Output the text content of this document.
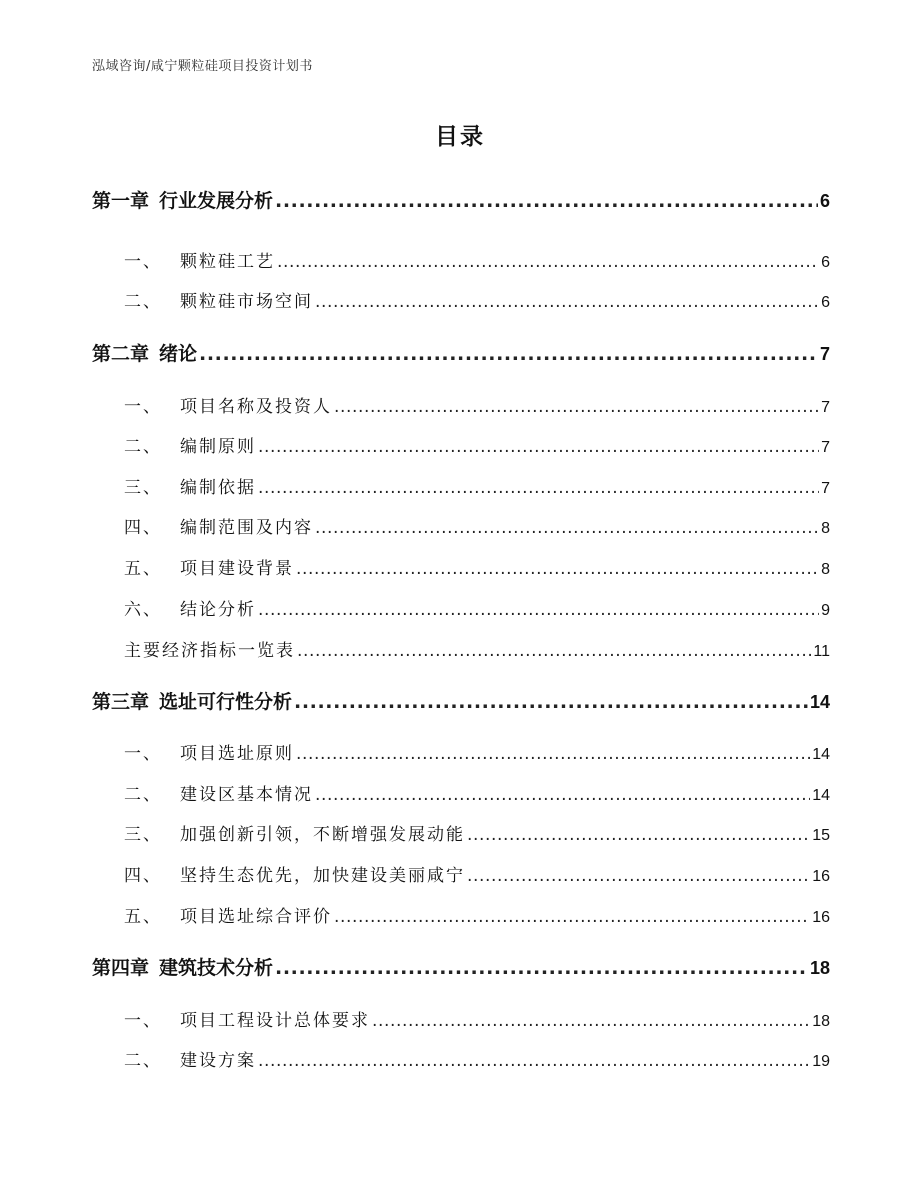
泓域咨询/咸宁颗粒硅项目投资计划书
目录
第一章 行业发展分析 .....	6
一、 颗粒硅工艺 .....	6
二、 颗粒硅市场空间 .....	6
第二章 绪论 .....	7
一、 项目名称及投资人 .....	7
二、 编制原则 .....	7
三、 编制依据 .....	7
四、 编制范围及内容 .....	8
五、 项目建设背景 .....	8
六、 结论分析 .....	9
主要经济指标一览表 .....	11
第三章 选址可行性分析 .....	14
一、 项目选址原则 .....	14
二、 建设区基本情况 .....	14
三、 加强创新引领，不断增强发展动能 .....	15
四、 坚持生态优先，加快建设美丽咸宁 .....	16
五、 项目选址综合评价 .....	16
第四章 建筑技术分析 .....	18
一、 项目工程设计总体要求 .....	18
二、 建设方案 .....	19
